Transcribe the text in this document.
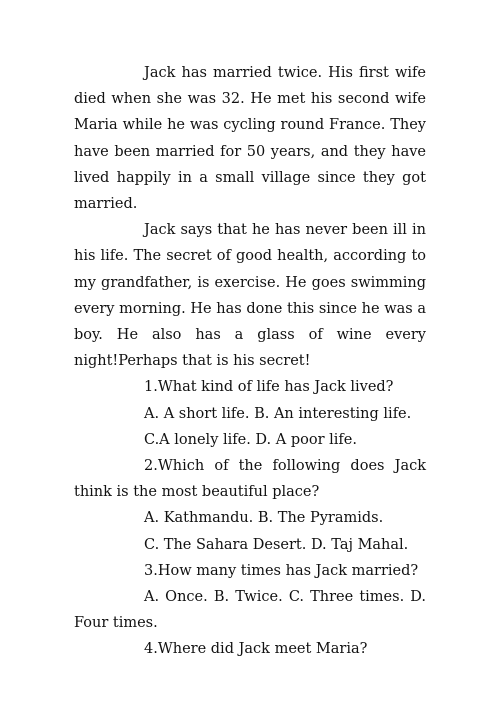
Jack has married twice. His first wife died when she was 32. He met his second wife Maria while he was cycling round France. They have been married for 50 years, and they have lived happily in a small village since they got married.

Jack says that he has never been ill in his life. The secret of good health, according to my grandfather, is exercise. He goes swimming every morning. He has done this since he was a boy. He also has a glass of wine every night!Perhaps that is his secret!

1.What kind of life has Jack lived?

A. A short life. B. An interesting life.

C.A lonely life. D. A poor life.

2.Which of the following does Jack think is the most beautiful place?

A. Kathmandu. B. The Pyramids.

C. The Sahara Desert. D. Taj Mahal.

3.How many times has Jack married?

A. Once. B. Twice. C. Three times. D. Four times.

4.Where did Jack meet Maria?
